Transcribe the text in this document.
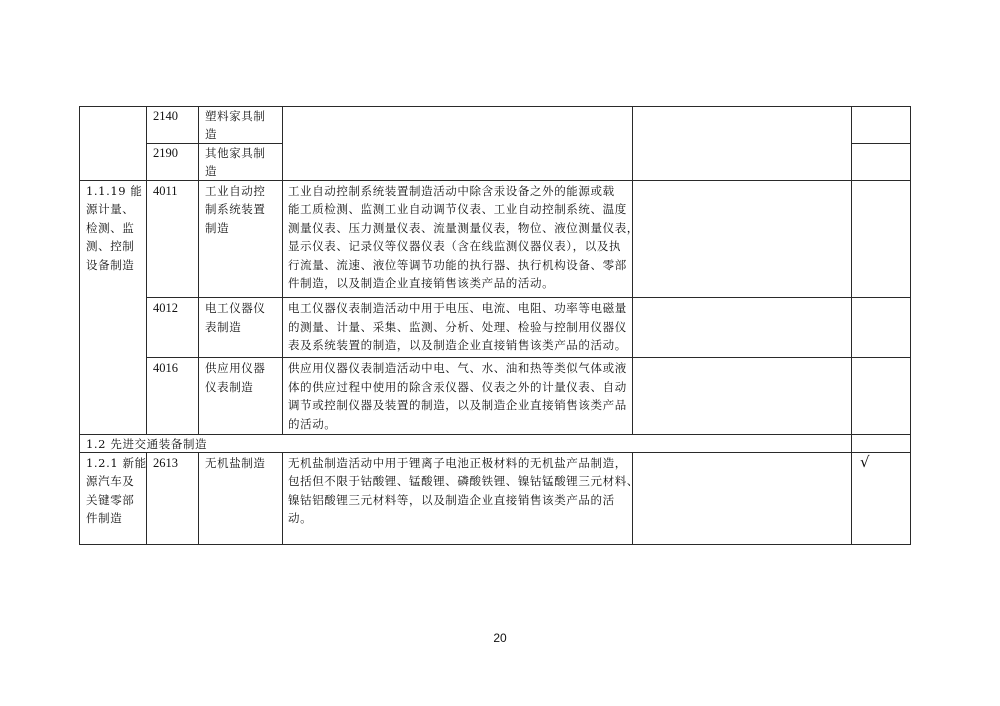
2140 塑料家具制
造
2190 其他家具制
造
1.1.19 能
源计量、
检测、监
测、控制
设备制造
4011 工业自动控
制系统装置
制造
工业自动控制系统装置制造活动中除含汞设备之外的能源或载
能工质检测、监测工业自动调节仪表、工业自动控制系统、温度
测量仪表、压力测量仪表、流量测量仪表，物位、液位测量仪表，
显示仪表、记录仪等仪器仪表（含在线监测仪器仪表），以及执
行流量、流速、液位等调节功能的执行器、执行机构设备、零部
件制造，以及制造企业直接销售该类产品的活动。
4012 电工仪器仪
表制造
电工仪器仪表制造活动中用于电压、电流、电阻、功率等电磁量
的测量、计量、采集、监测、分析、处理、检验与控制用仪器仪
表及系统装置的制造，以及制造企业直接销售该类产品的活动。
4016 供应用仪器
仪表制造
供应用仪器仪表制造活动中电、气、水、油和热等类似气体或液
体的供应过程中使用的除含汞仪器、仪表之外的计量仪表、自动
调节或控制仪器及装置的制造，以及制造企业直接销售该类产品
的活动。
1.2 先进交通装备制造
1.2.1 新能
源汽车及
关键零部
件制造
2613 无机盐制造 无机盐制造活动中用于锂离子电池正极材料的无机盐产品制造，
包括但不限于钴酸锂、锰酸锂、磷酸铁锂、镍钴锰酸锂三元材料、
镍钴铝酸锂三元材料等，以及制造企业直接销售该类产品的活
动。
√
20
